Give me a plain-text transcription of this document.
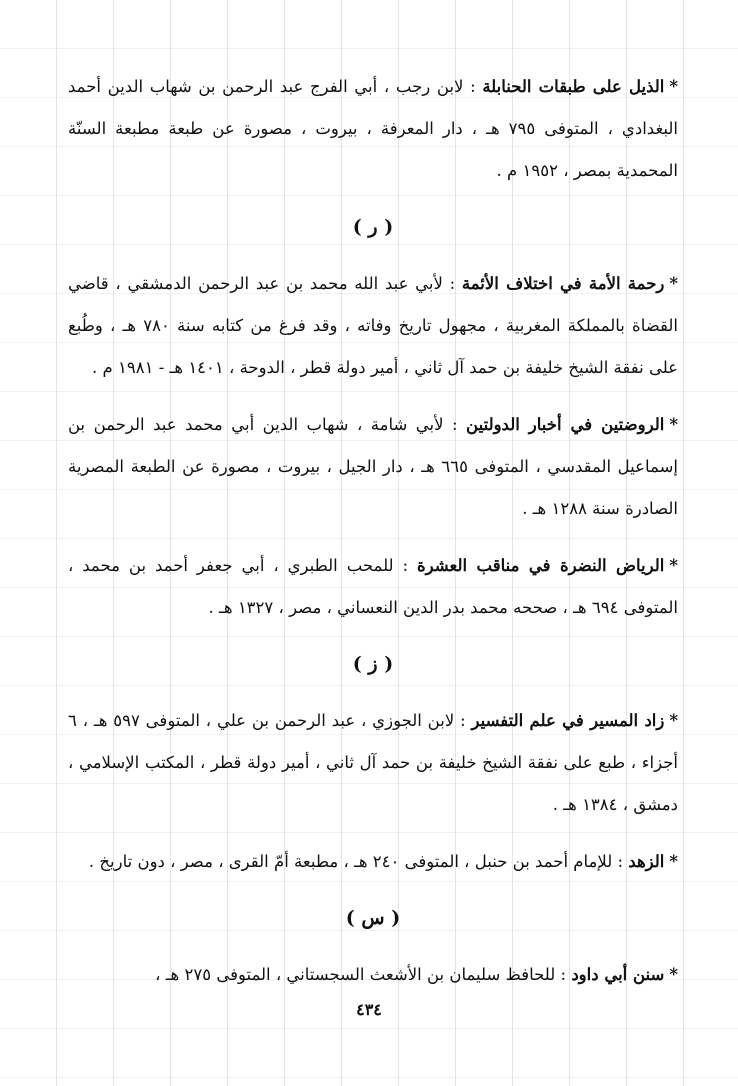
*الذيل على طبقات الحنابلة : لابن رجب ، أبي الفرج عبد الرحمن بن شهاب الدين أحمد البغدادي ، المتوفى ٧٩٥ هـ ، دار المعرفة ، بيروت ، مصورة عن طبعة مطبعة السنّة المحمدية بمصر ، ١٩٥٢ م .

( ر )

*رحمة الأمة في اختلاف الأئمة : لأبي عبد الله محمد بن عبد الرحمن الدمشقي ، قاضي القضاة بالمملكة المغربية ، مجهول تاريخ وفاته ، وقد فرغ من كتابه سنة ٧٨٠ هـ ، وطُبع على نفقة الشيخ خليفة بن حمد آل ثاني ، أمير دولة قطر ، الدوحة ، ١٤٠١ هـ - ١٩٨١ م .

*الروضتين في أخبار الدولتين : لأبي شامة ، شهاب الدين أبي محمد عبد الرحمن بن إسماعيل المقدسي ، المتوفى ٦٦٥ هـ ، دار الجيل ، بيروت ، مصورة عن الطبعة المصرية الصادرة سنة ١٢٨٨ هـ .

*الرياض النضرة في مناقب العشرة : للمحب الطبري ، أبي جعفر أحمد بن محمد ، المتوفى ٦٩٤ هـ ، صححه محمد بدر الدين النعساني ، مصر ، ١٣٢٧ هـ .

( ز )

*زاد المسير في علم التفسير : لابن الجوزي ، عبد الرحمن بن علي ، المتوفى ٥٩٧ هـ ، ٦ أجزاء ، طبع على نفقة الشيخ خليفة بن حمد آل ثاني ، أمير دولة قطر ، المكتب الإسلامي ، دمشق ، ١٣٨٤ هـ .

*الزهد : للإمام أحمد بن حنبل ، المتوفى ٢٤٠ هـ ، مطبعة أمّ القرى ، مصر ، دون تاريخ .

( س )

*سنن أبي داود : للحافظ سليمان بن الأشعث السجستاني ، المتوفى ٢٧٥ هـ ،

٤٣٤
